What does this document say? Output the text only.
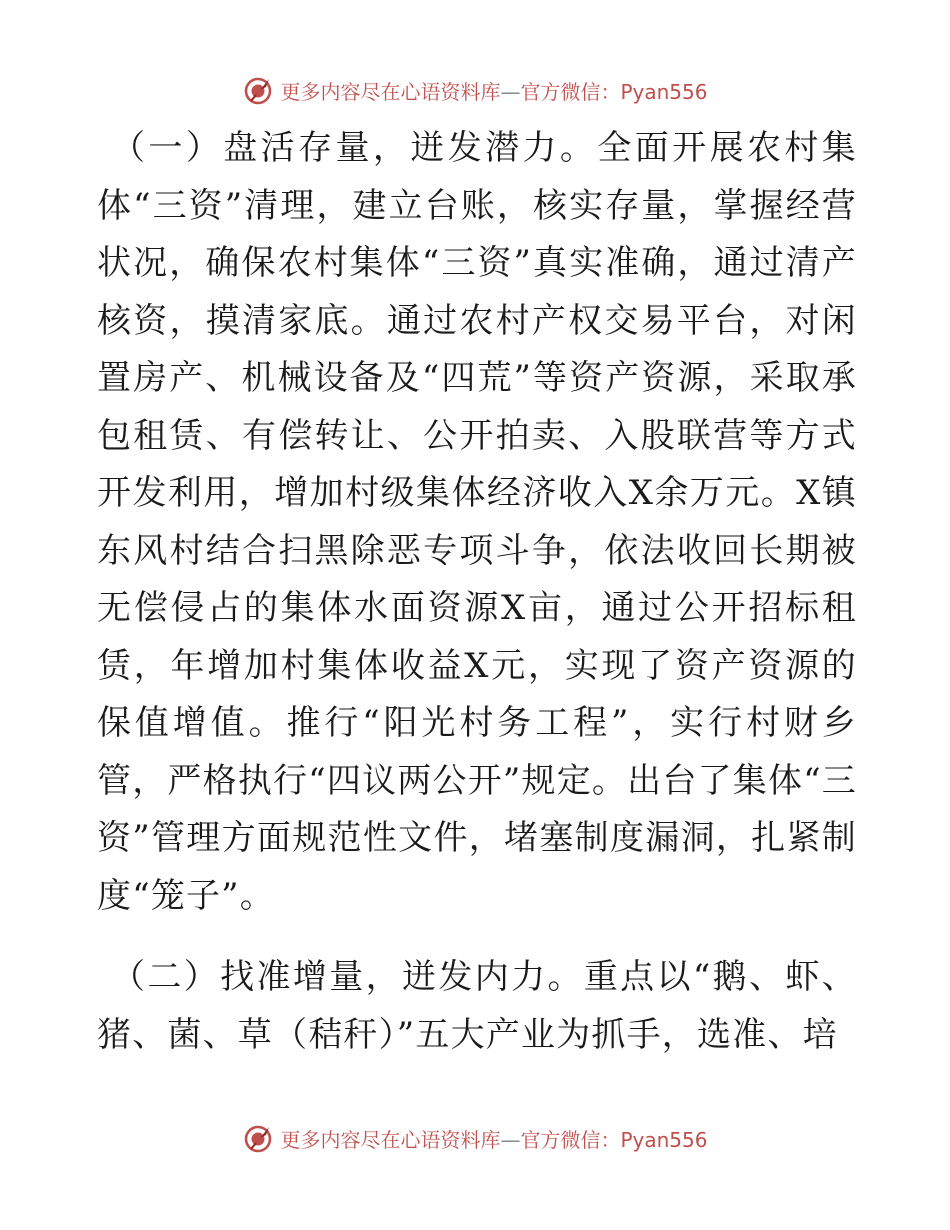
更多内容尽在心语资料库—官方微信：Pyan556

（一）盘活存量，迸发潜力。全面开展农村集体“三资”清理，建立台账，核实存量，掌握经营状况，确保农村集体“三资”真实准确，通过清产核资，摸清家底。通过农村产权交易平台，对闲置房产、机械设备及“四荒”等资产资源，采取承包租赁、有偿转让、公开拍卖、入股联营等方式开发利用，增加村级集体经济收入X余万元。X镇东风村结合扫黑除恶专项斗争，依法收回长期被无偿侵占的集体水面资源X亩，通过公开招标租赁，年增加村集体收益X元，实现了资产资源的保值增值。推行“阳光村务工程”，实行村财乡管，严格执行“四议两公开”规定。出台了集体“三资”管理方面规范性文件，堵塞制度漏洞，扎紧制度“笼子”。

（二）找准增量，迸发内力。重点以“鹅、虾、猪、菌、草（秸秆）”五大产业为抓手，选准、培

更多内容尽在心语资料库—官方微信：Pyan556
